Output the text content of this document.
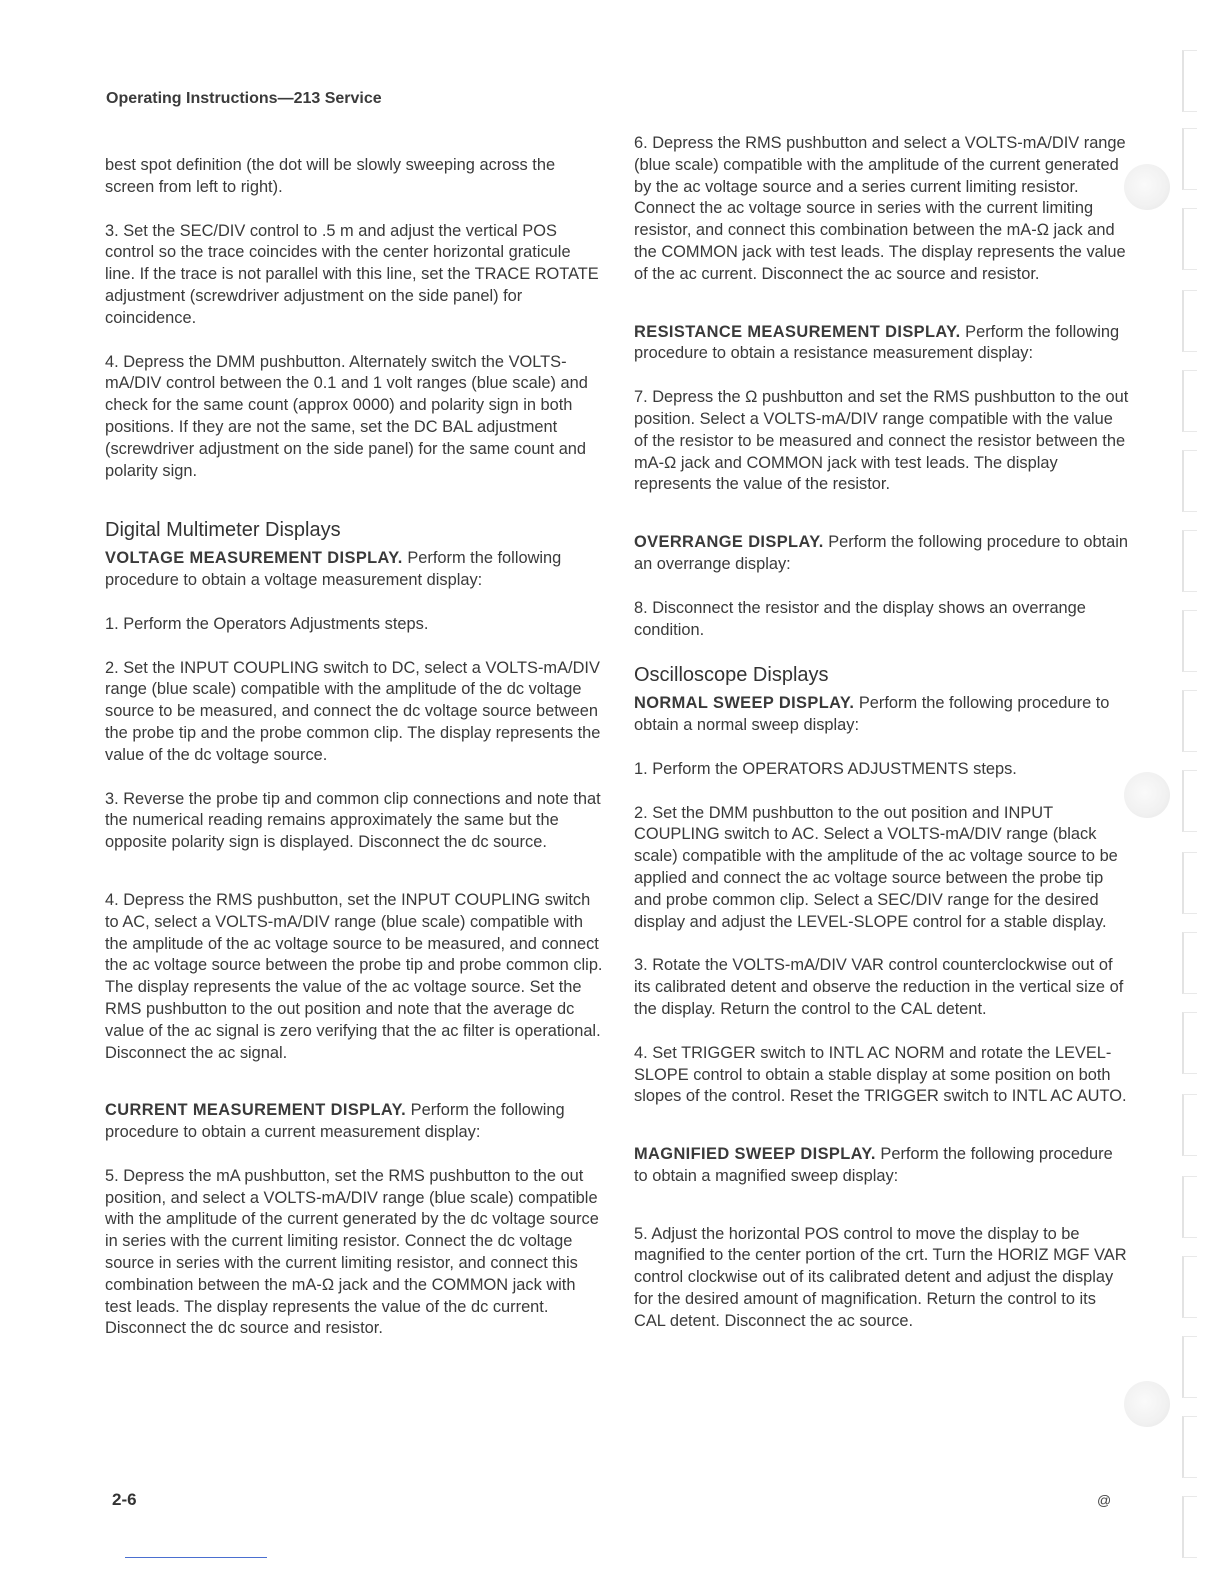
Operating Instructions—213 Service

best spot definition (the dot will be slowly sweeping across the screen from left to right).

3. Set the SEC/DIV control to .5 m and adjust the vertical POS control so the trace coincides with the center horizontal graticule line. If the trace is not parallel with this line, set the TRACE ROTATE adjustment (screwdriver adjustment on the side panel) for coincidence.

4. Depress the DMM pushbutton. Alternately switch the VOLTS-mA/DIV control between the 0.1 and 1 volt ranges (blue scale) and check for the same count (approx 0000) and polarity sign in both positions. If they are not the same, set the DC BAL adjustment (screwdriver adjustment on the side panel) for the same count and polarity sign.

Digital Multimeter Displays

VOLTAGE MEASUREMENT DISPLAY. Perform the following procedure to obtain a voltage measurement display:

1. Perform the Operators Adjustments steps.

2. Set the INPUT COUPLING switch to DC, select a VOLTS-mA/DIV range (blue scale) compatible with the amplitude of the dc voltage source to be measured, and connect the dc voltage source between the probe tip and the probe common clip. The display represents the value of the dc voltage source.

3. Reverse the probe tip and common clip connections and note that the numerical reading remains approximately the same but the opposite polarity sign is displayed. Disconnect the dc source.

4. Depress the RMS pushbutton, set the INPUT COUPLING switch to AC, select a VOLTS-mA/DIV range (blue scale) compatible with the amplitude of the ac voltage source to be measured, and connect the ac voltage source between the probe tip and probe common clip. The display represents the value of the ac voltage source. Set the RMS pushbutton to the out position and note that the average dc value of the ac signal is zero verifying that the ac filter is operational. Disconnect the ac signal.

CURRENT MEASUREMENT DISPLAY. Perform the following procedure to obtain a current measurement display:

5. Depress the mA pushbutton, set the RMS pushbutton to the out position, and select a VOLTS-mA/DIV range (blue scale) compatible with the amplitude of the current generated by the dc voltage source in series with the current limiting resistor. Connect the dc voltage source in series with the current limiting resistor, and connect this combination between the mA-Ω jack and the COMMON jack with test leads. The display represents the value of the dc current. Disconnect the dc source and resistor.

6. Depress the RMS pushbutton and select a VOLTS-mA/DIV range (blue scale) compatible with the amplitude of the current generated by the ac voltage source and a series current limiting resistor. Connect the ac voltage source in series with the current limiting resistor, and connect this combination between the mA-Ω jack and the COMMON jack with test leads. The display represents the value of the ac current. Disconnect the ac source and resistor.

RESISTANCE MEASUREMENT DISPLAY. Perform the following procedure to obtain a resistance measurement display:

7. Depress the Ω pushbutton and set the RMS pushbutton to the out position. Select a VOLTS-mA/DIV range compatible with the value of the resistor to be measured and connect the resistor between the mA-Ω jack and COMMON jack with test leads. The display represents the value of the resistor.

OVERRANGE DISPLAY. Perform the following procedure to obtain an overrange display:

8. Disconnect the resistor and the display shows an overrange condition.

Oscilloscope Displays

NORMAL SWEEP DISPLAY. Perform the following procedure to obtain a normal sweep display:

1. Perform the OPERATORS ADJUSTMENTS steps.

2. Set the DMM pushbutton to the out position and INPUT COUPLING switch to AC. Select a VOLTS-mA/DIV range (black scale) compatible with the amplitude of the ac voltage source to be applied and connect the ac voltage source between the probe tip and probe common clip. Select a SEC/DIV range for the desired display and adjust the LEVEL-SLOPE control for a stable display.

3. Rotate the VOLTS-mA/DIV VAR control counterclockwise out of its calibrated detent and observe the reduction in the vertical size of the display. Return the control to the CAL detent.

4. Set TRIGGER switch to INTL AC NORM and rotate the LEVEL-SLOPE control to obtain a stable display at some position on both slopes of the control. Reset the TRIGGER switch to INTL AC AUTO.

MAGNIFIED SWEEP DISPLAY. Perform the following procedure to obtain a magnified sweep display:

5. Adjust the horizontal POS control to move the display to be magnified to the center portion of the crt. Turn the HORIZ MGF VAR control clockwise out of its calibrated detent and adjust the display for the desired amount of magnification. Return the control to its CAL detent. Disconnect the ac source.

2-6	@
